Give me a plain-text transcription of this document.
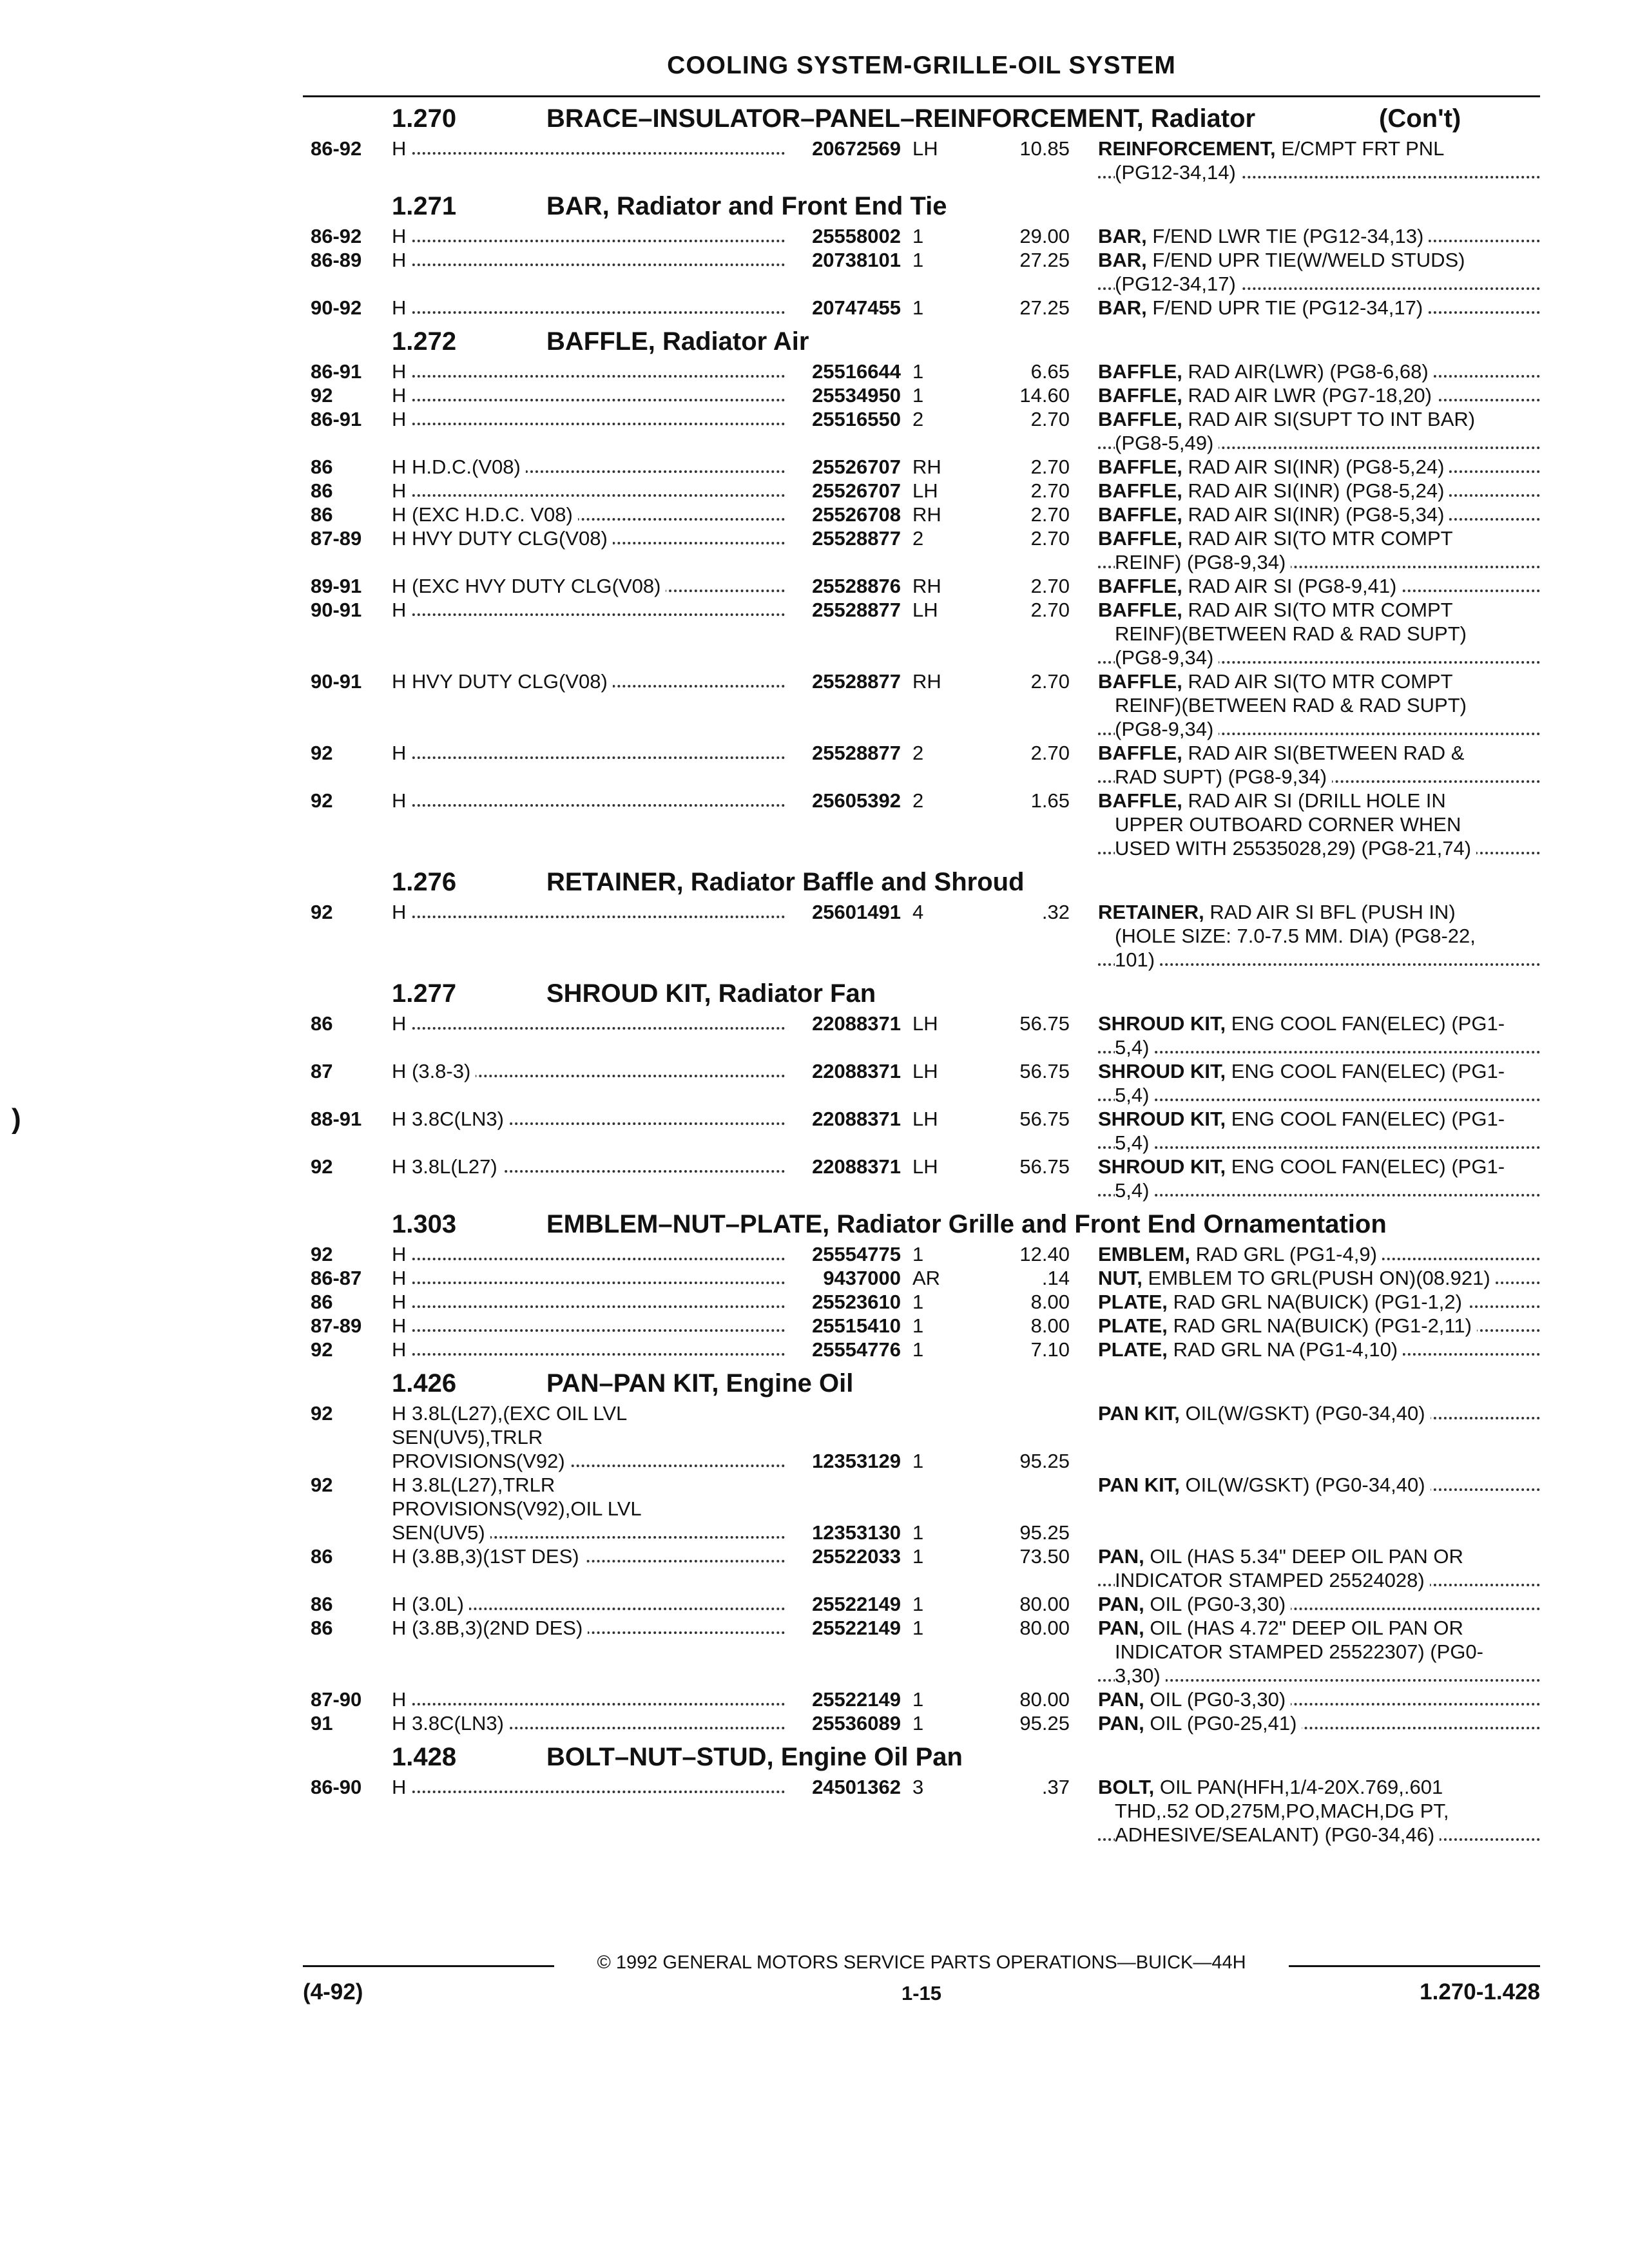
COOLING SYSTEM-GRILLE-OIL SYSTEM
)
1.270	BRACE–INSULATOR–PANEL–REINFORCEMENT, Radiator	(Con't)
86-92 H	20672569 LH	10.85 REINFORCEMENT, E/CMPT FRT PNL
(PG12-34,14)
1.271	BAR, Radiator and Front End Tie
86-92 H	25558002 1	29.00 BAR, F/END LWR TIE (PG12-34,13)
86-89 H	20738101 1	27.25 BAR, F/END UPR TIE(W/WELD STUDS)
(PG12-34,17)
90-92 H	20747455 1	27.25 BAR, F/END UPR TIE (PG12-34,17)
1.272	BAFFLE, Radiator Air
86-91 H	25516644 1	6.65 BAFFLE, RAD AIR(LWR) (PG8-6,68)
92	H	25534950 1	14.60 BAFFLE, RAD AIR LWR (PG7-18,20)
86-91 H	25516550 2	2.70 BAFFLE, RAD AIR SI(SUPT TO INT BAR)
(PG8-5,49)
86	H H.D.C.(V08)	25526707 RH	2.70 BAFFLE, RAD AIR SI(INR) (PG8-5,24)
86	H	25526707 LH	2.70 BAFFLE, RAD AIR SI(INR) (PG8-5,24)
86	H (EXC H.D.C. V08)	25526708 RH	2.70 BAFFLE, RAD AIR SI(INR) (PG8-5,34)
87-89 H HVY DUTY CLG(V08)	25528877 2	2.70 BAFFLE, RAD AIR SI(TO MTR COMPT
REINF) (PG8-9,34)
89-91 H (EXC HVY DUTY CLG(V08)	25528876 RH	2.70 BAFFLE, RAD AIR SI (PG8-9,41)
90-91 H	25528877 LH	2.70 BAFFLE, RAD AIR SI(TO MTR COMPT
REINF)(BETWEEN RAD & RAD SUPT)
(PG8-9,34)
90-91 H HVY DUTY CLG(V08)	25528877 RH	2.70 BAFFLE, RAD AIR SI(TO MTR COMPT
REINF)(BETWEEN RAD & RAD SUPT)
(PG8-9,34)
92	H	25528877 2	2.70 BAFFLE, RAD AIR SI(BETWEEN RAD &
RAD SUPT) (PG8-9,34)
92	H	25605392 2	1.65 BAFFLE, RAD AIR SI (DRILL HOLE IN
UPPER OUTBOARD CORNER WHEN
USED WITH 25535028,29) (PG8-21,74)
1.276	RETAINER, Radiator Baffle and Shroud
92	H	25601491 4	.32 RETAINER, RAD AIR SI BFL (PUSH IN)
(HOLE SIZE: 7.0-7.5 MM. DIA) (PG8-22,
101)
1.277	SHROUD KIT, Radiator Fan
86	H	22088371 LH	56.75 SHROUD KIT, ENG COOL FAN(ELEC) (PG1-
5,4)
87	H (3.8-3)	22088371 LH	56.75 SHROUD KIT, ENG COOL FAN(ELEC) (PG1-
5,4)
88-91 H 3.8C(LN3)	22088371 LH	56.75 SHROUD KIT, ENG COOL FAN(ELEC) (PG1-
5,4)
92	H 3.8L(L27)	22088371 LH	56.75 SHROUD KIT, ENG COOL FAN(ELEC) (PG1-
5,4)
1.303	EMBLEM–NUT–PLATE, Radiator Grille and Front End Ornamentation
92	H	25554775 1	12.40 EMBLEM, RAD GRL (PG1-4,9)
86-87 H	9437000 AR	.14 NUT, EMBLEM TO GRL(PUSH ON)(08.921)
86	H	25523610 1	8.00 PLATE, RAD GRL NA(BUICK) (PG1-1,2)
87-89 H	25515410 1	8.00 PLATE, RAD GRL NA(BUICK) (PG1-2,11)
92	H	25554776 1	7.10 PLATE, RAD GRL NA (PG1-4,10)
1.426	PAN–PAN KIT, Engine Oil
92	H 3.8L(L27),(EXC OIL LVL
SEN(UV5),TRLR
PROVISIONS(V92)	12353129 1	95.25
PAN KIT, OIL(W/GSKT) (PG0-34,40)
92	H 3.8L(L27),TRLR
PROVISIONS(V92),OIL LVL
SEN(UV5)	12353130 1	95.25
PAN KIT, OIL(W/GSKT) (PG0-34,40)
86	H (3.8B,3)(1ST DES)	25522033 1	73.50 PAN, OIL (HAS 5.34" DEEP OIL PAN OR
INDICATOR STAMPED 25524028)
86	H (3.0L)	25522149 1	80.00 PAN, OIL (PG0-3,30)
86	H (3.8B,3)(2ND DES)	25522149 1	80.00 PAN, OIL (HAS 4.72" DEEP OIL PAN OR
INDICATOR STAMPED 25522307) (PG0-
3,30)
87-90 H	25522149 1	80.00 PAN, OIL (PG0-3,30)
91	H 3.8C(LN3)	25536089 1	95.25 PAN, OIL (PG0-25,41)
1.428	BOLT–NUT–STUD, Engine Oil Pan
86-90 H	24501362 3	.37 BOLT, OIL PAN(HFH,1/4-20X.769,.601
THD,.52 OD,275M,PO,MACH,DG PT,
ADHESIVE/SEALANT) (PG0-34,46)
© 1992 GENERAL MOTORS SERVICE PARTS OPERATIONS—BUICK—44H
(4-92)	1-15	1.270-1.428
